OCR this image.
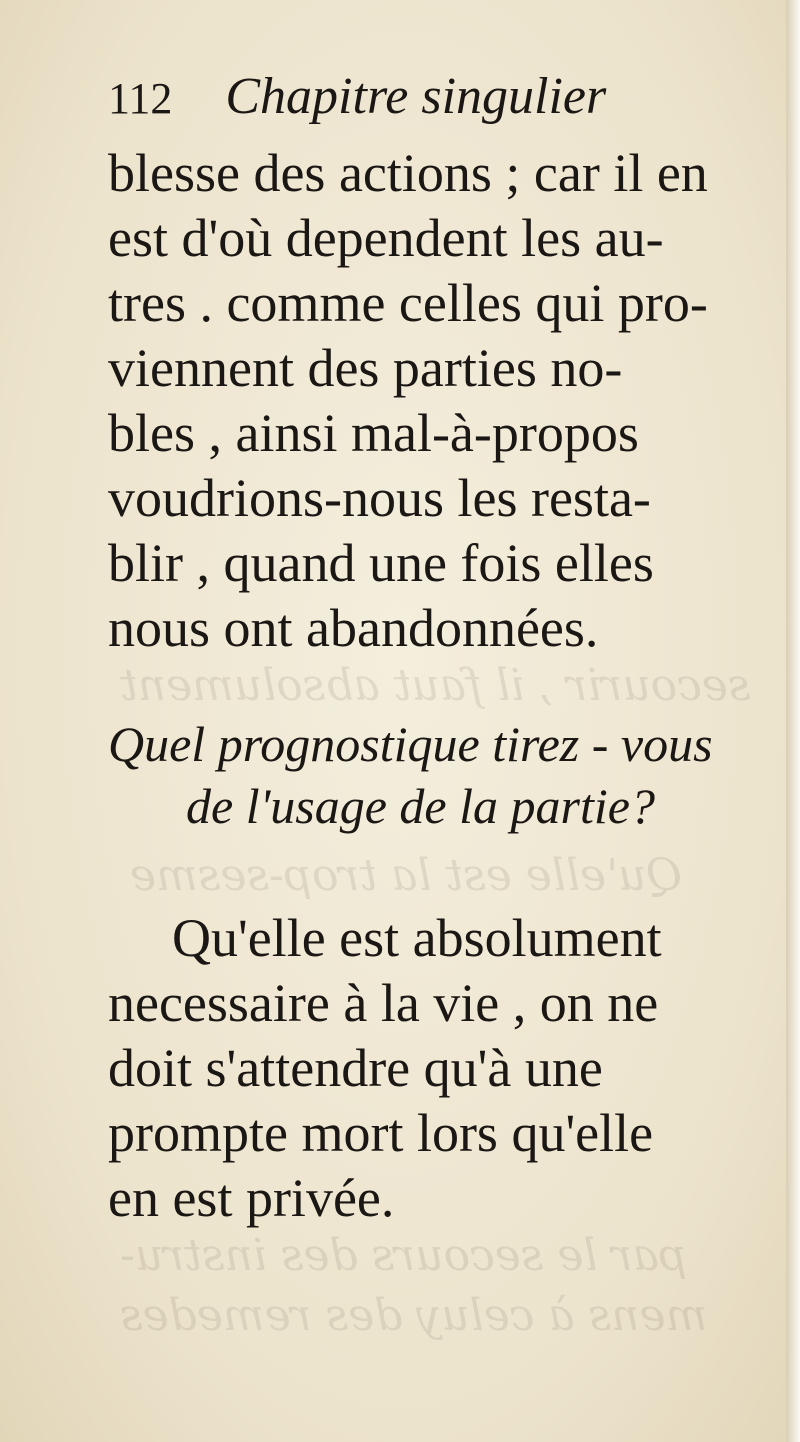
secourir , il faut absolument
Qu'elle est la trop-sesme
par le secours des instru-
mens à celuy des remedes
112 Chapitre singulier
blesse des actions ; car il en
est d'où dependent les au-
tres . comme celles qui pro-
viennent des parties no-
bles , ainsi mal-à-propos
voudrions-nous les resta-
blir , quand une fois elles
nous ont abandonnées.
Quel prognostique tirez - vous
de l'usage de la partie?
Qu'elle est absolument
necessaire à la vie , on ne
doit s'attendre qu'à une
prompte mort lors qu'elle
en est privée.
